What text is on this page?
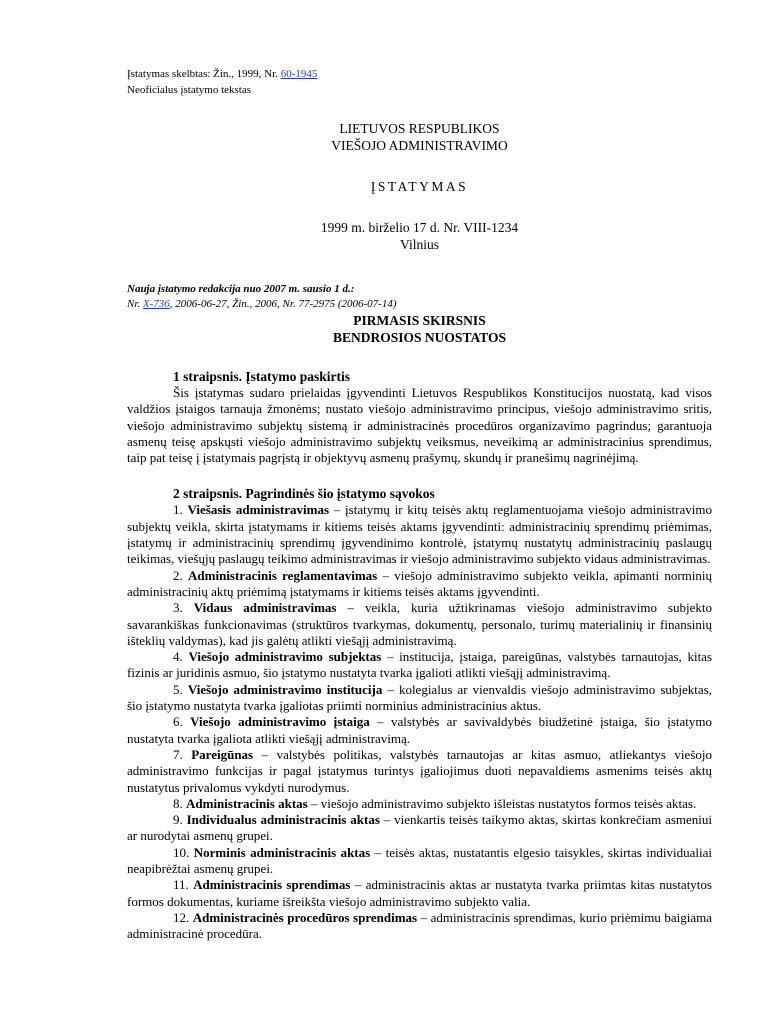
Įstatymas skelbtas: Žin., 1999, Nr. 60-1945
Neoficialus įstatymo tekstas
LIETUVOS RESPUBLIKOS
VIEŠOJO ADMINISTRAVIMO
ĮSTATYMAS
1999 m. birželio 17 d. Nr. VIII-1234
Vilnius
Nauja įstatymo redakcija nuo 2007 m. sausio 1 d.:
Nr. X-736, 2006-06-27, Žin., 2006, Nr. 77-2975 (2006-07-14)
PIRMASIS SKIRSNIS
BENDROSIOS NUOSTATOS
1 straipsnis. Įstatymo paskirtis

Šis įstatymas sudaro prielaidas įgyvendinti Lietuvos Respublikos Konstitucijos nuostatą, kad visos valdžios įstaigos tarnauja žmonėms; nustato viešojo administravimo principus, viešojo administravimo sritis, viešojo administravimo subjektų sistemą ir administracinės procedūros organizavimo pagrindus; garantuoja asmenų teisę apskųsti viešojo administravimo subjektų veiksmus, neveikimą ar administracinius sprendimus, taip pat teisę į įstatymais pagrįstą ir objektyvų asmenų prašymų, skundų ir pranešimų nagrinėjimą.

2 straipsnis. Pagrindinės šio įstatymo sąvokos

1. Viešasis administravimas – įstatymų ir kitų teisės aktų reglamentuojama viešojo administravimo subjektų veikla, skirta įstatymams ir kitiems teisės aktams įgyvendinti: administracinių sprendimų priėmimas, įstatymų ir administracinių sprendimų įgyvendinimo kontrolė, įstatymų nustatytų administracinių paslaugų teikimas, viešųjų paslaugų teikimo administravimas ir viešojo administravimo subjekto vidaus administravimas.

2. Administracinis reglamentavimas – viešojo administravimo subjekto veikla, apimanti norminių administracinių aktų priėmimą įstatymams ir kitiems teisės aktams įgyvendinti.

3. Vidaus administravimas – veikla, kuria užtikrinamas viešojo administravimo subjekto savarankiškas funkcionavimas (struktūros tvarkymas, dokumentų, personalo, turimų materialinių ir finansinių išteklių valdymas), kad jis galėtų atlikti viešąjį administravimą.

4. Viešojo administravimo subjektas – institucija, įstaiga, pareigūnas, valstybės tarnautojas, kitas fizinis ar juridinis asmuo, šio įstatymo nustatyta tvarka įgalioti atlikti viešąjį administravimą.

5. Viešojo administravimo institucija – kolegialus ar vienvaldis viešojo administravimo subjektas, šio įstatymo nustatyta tvarka įgaliotas priimti norminius administracinius aktus.

6. Viešojo administravimo įstaiga – valstybės ar savivaldybės biudžetinė įstaiga, šio įstatymo nustatyta tvarka įgaliota atlikti viešąjį administravimą.

7. Pareigūnas – valstybės politikas, valstybės tarnautojas ar kitas asmuo, atliekantys viešojo administravimo funkcijas ir pagal įstatymus turintys įgaliojimus duoti nepavaldiems asmenims teisės aktų nustatytus privalomus vykdyti nurodymus.

8. Administracinis aktas – viešojo administravimo subjekto išleistas nustatytos formos teisės aktas.

9. Individualus administracinis aktas – vienkartis teisės taikymo aktas, skirtas konkrečiam asmeniui ar nurodytai asmenų grupei.

10. Norminis administracinis aktas – teisės aktas, nustatantis elgesio taisykles, skirtas individualiai neapibrėžtai asmenų grupei.

11. Administracinis sprendimas – administracinis aktas ar nustatyta tvarka priimtas kitas nustatytos formos dokumentas, kuriame išreikšta viešojo administravimo subjekto valia.

12. Administracinės procedūros sprendimas – administracinis sprendimas, kurio priėmimu baigiama administracinė procedūra.
